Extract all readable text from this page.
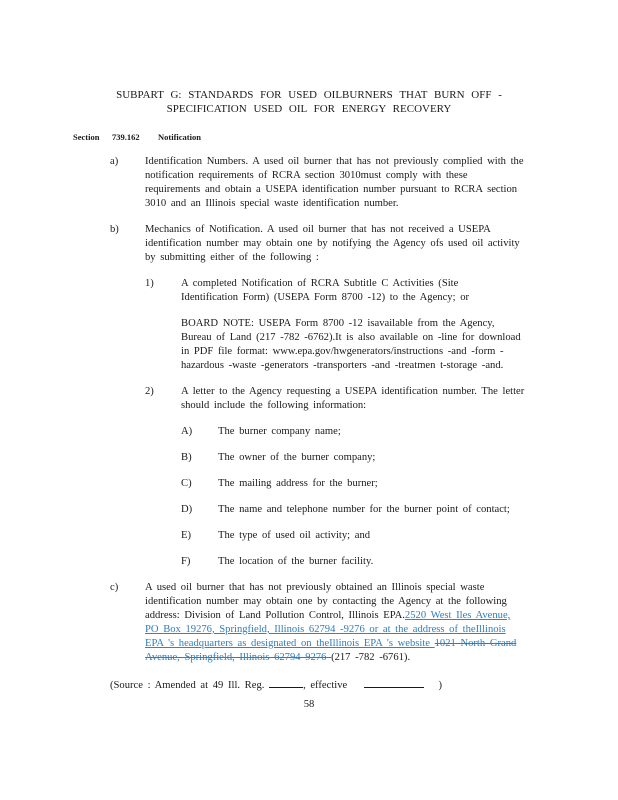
SUBPART G: STANDARDS FOR USED OILBURNERS THAT BURN OFF -
SPECIFICATION USED OIL FOR ENERGY RECOVERY
Section 739.162 Notification
a)	Identification Numbers. A used oil burner that has not previously complied with the
notification requirements of RCRA section 3010must comply with these
requirements and obtain a USEPA identification number pursuant to RCRA section
3010 and an Illinois special waste identification number.
b) Mechanics of Notification. A used oil burner that has not received a USEPA
identification number may obtain one by notifying the Agency ofs used oil activity
by submitting either of the following :
1)	A completed Notification of RCRA Subtitle C Activities (Site
Identification Form) (USEPA Form 8700 -12) to the Agency; or
BOARD NOTE: USEPA Form 8700 -12 isavailable from the Agency,
Bureau of Land (217 -782 -6762).It is also available on -line for download
in PDF file format: www.epa.gov/hwgenerators/instructions -and -form -
hazardous -waste -generators -transporters -and -treatmen t-storage -and.
2)	A letter to the Agency requesting a USEPA identification number. The letter
should include the following information:
A) The burner company name;
B) The owner of the burner company;
C) The mailing address for the burner;
D) The name and telephone number for the burner point of contact;
E)	The type of used oil activity; and
F)	The location of the burner facility.
c)	A used oil burner that has not previously obtained an Illinois special waste
identification number may obtain one by contacting the Agency at the following
address: Division of Land Pollution Control, Illinois EPA.2520 West Iles Avenue,
PO Box 19276, Springfield, Illinois 62794 -9276 or at the address of theIllinois
EPA 's headquarters as designated on theIllinois EPA 's website 1021 North Grand
Avenue, Springfield, Illinois 62794 9276 (217 -782 -6761).
(Source : Amended at 49 Ill. Reg.	, effective	)
58
